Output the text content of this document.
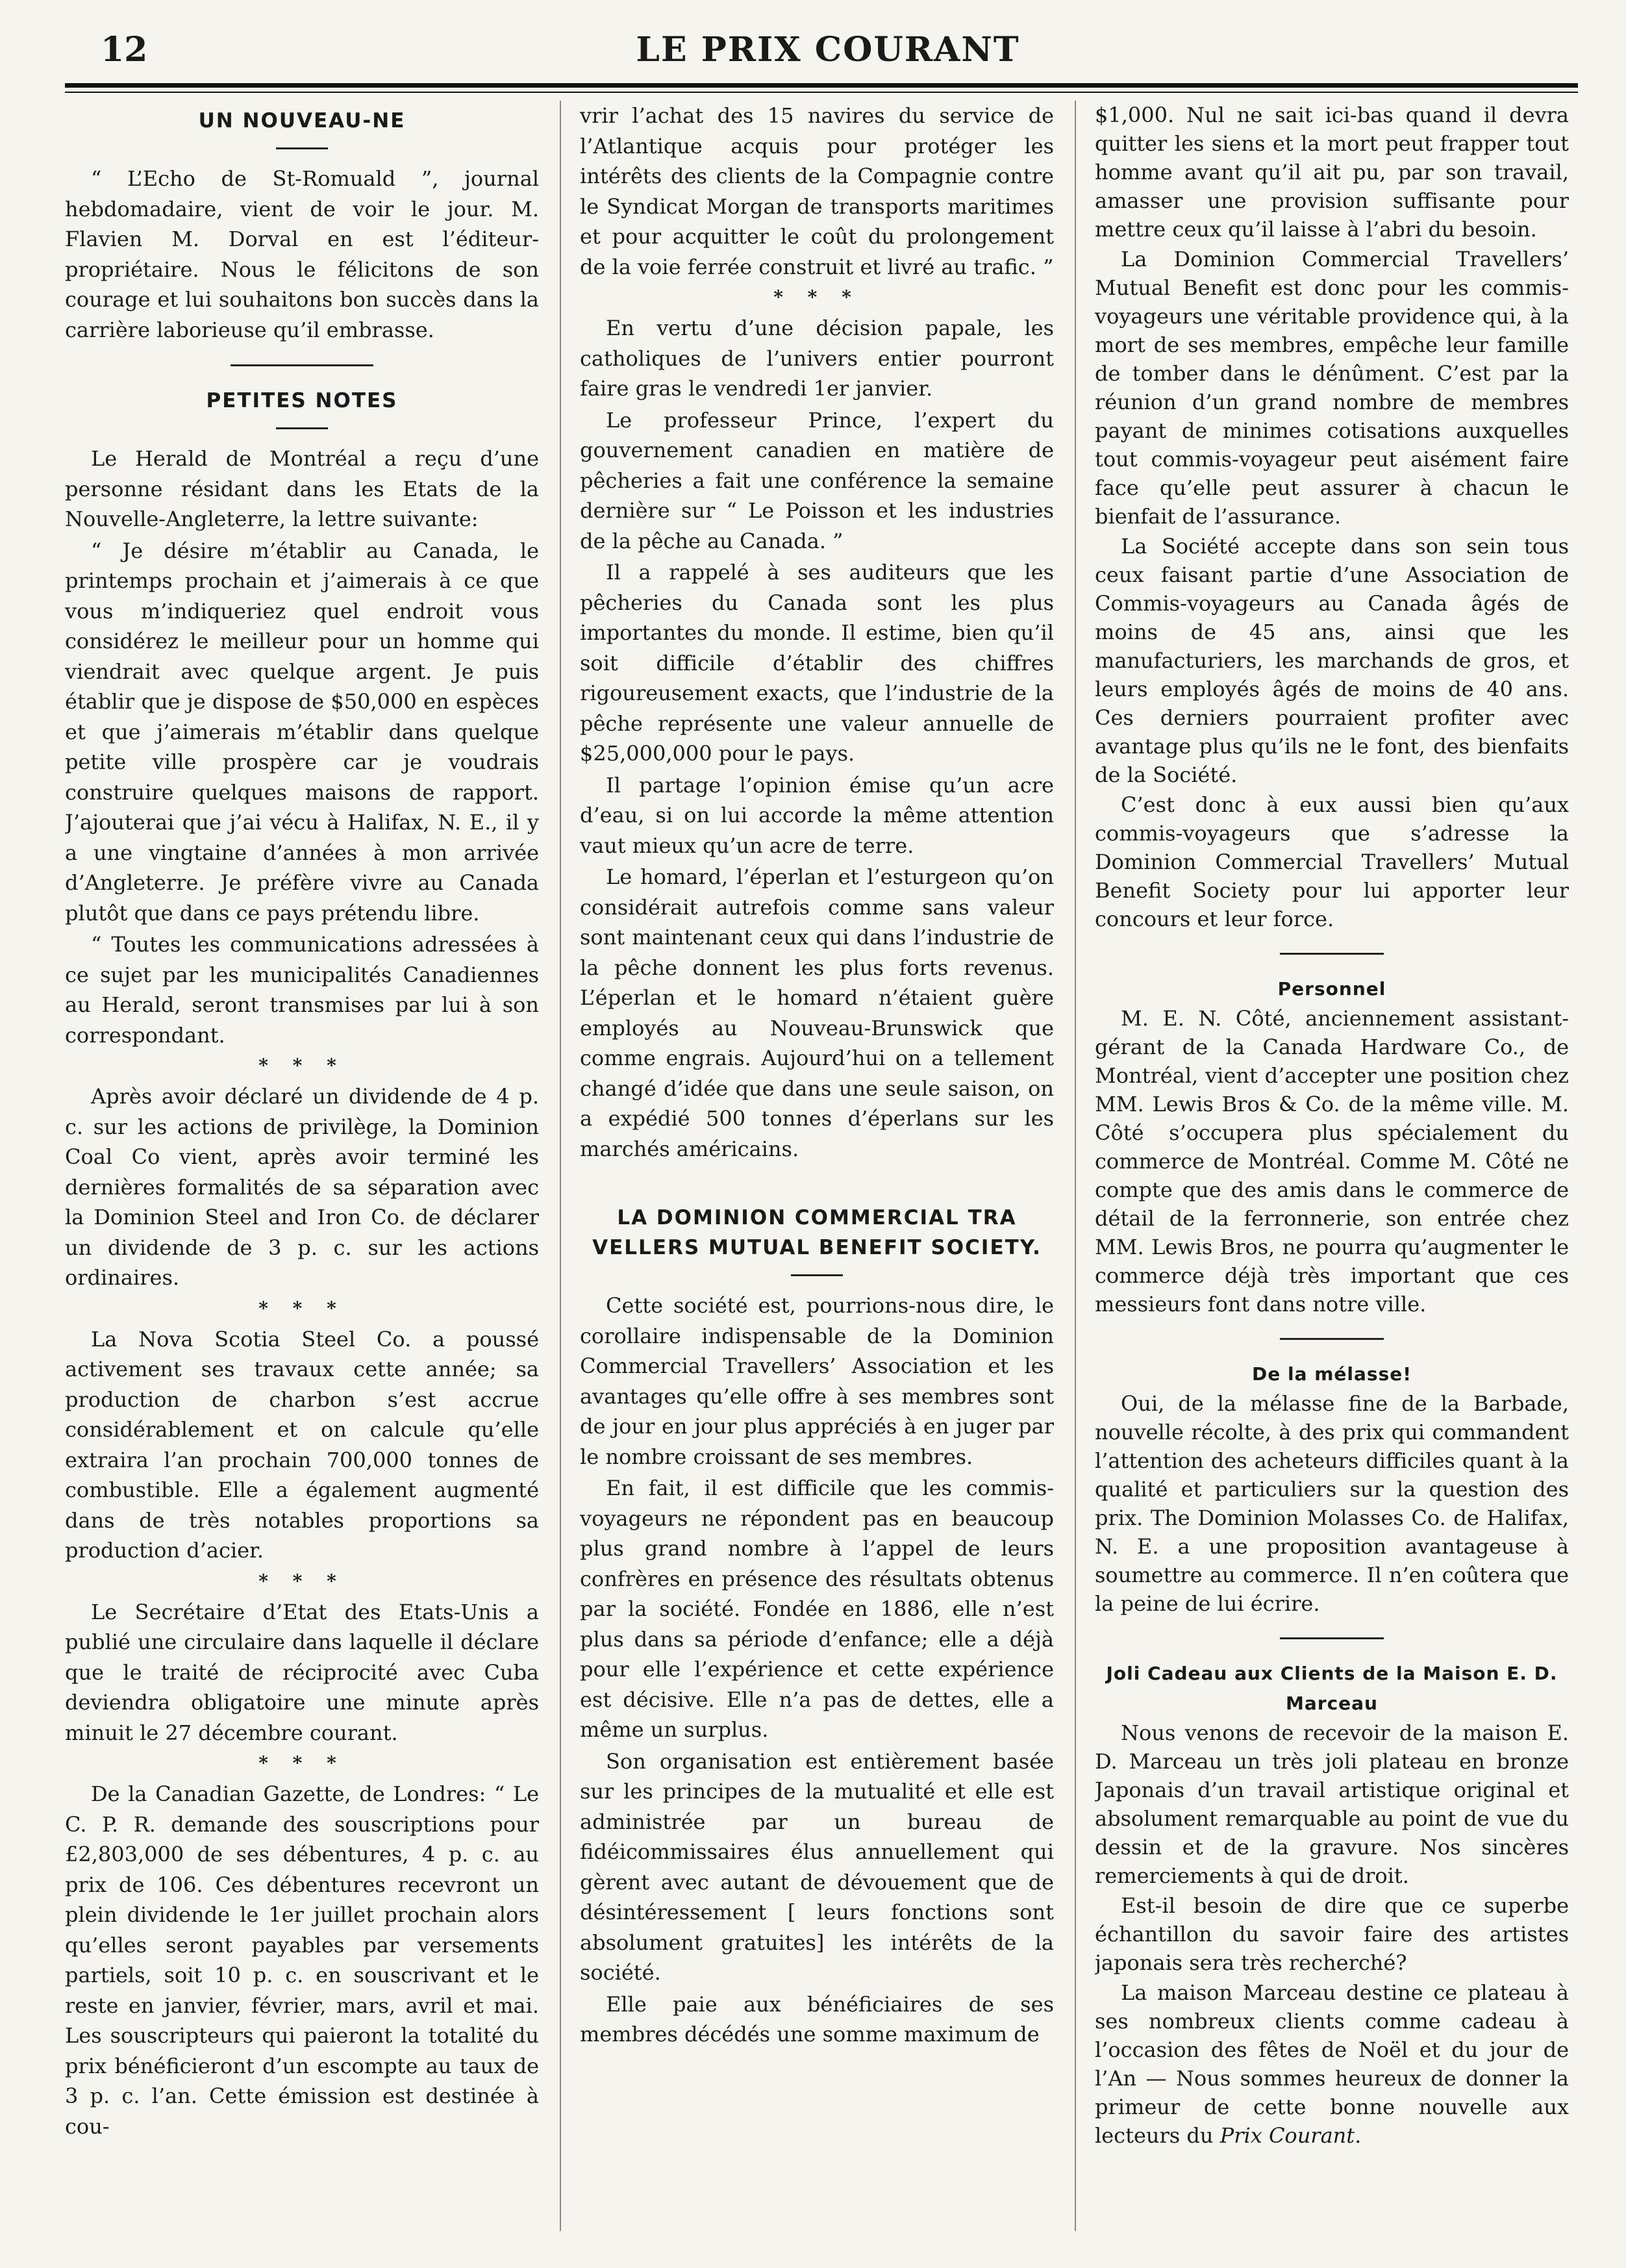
12	LE PRIX COURANT
UN NOUVEAU-NE

“ L’Echo de St-Romuald ”, journal hebdomadaire, vient de voir le jour. M. Flavien M. Dorval en est l’éditeur-propriétaire. Nous le félicitons de son courage et lui souhaitons bon succès dans la carrière laborieuse qu’il embrasse.

PETITES NOTES

Le Herald de Montréal a reçu d’une personne résidant dans les Etats de la Nouvelle-Angleterre, la lettre suivante:

“ Je désire m’établir au Canada, le printemps prochain et j’aimerais à ce que vous m’indiqueriez quel endroit vous considérez le meilleur pour un homme qui viendrait avec quelque argent. Je puis établir que je dispose de $50,000 en espèces et que j’aimerais m’établir dans quelque petite ville prospère car je voudrais construire quelques maisons de rapport. J’ajouterai que j’ai vécu à Halifax, N. E., il y a une vingtaine d’années à mon arrivée d’Angleterre. Je préfère vivre au Canada plutôt que dans ce pays prétendu libre.

“ Toutes les communications adressées à ce sujet par les municipalités Canadiennes au Herald, seront transmises par lui à son correspondant.

* * *

Après avoir déclaré un dividende de 4 p. c. sur les actions de privilège, la Dominion Coal Co vient, après avoir terminé les dernières formalités de sa séparation avec la Dominion Steel and Iron Co. de déclarer un dividende de 3 p. c. sur les actions ordinaires.

* * *

La Nova Scotia Steel Co. a poussé activement ses travaux cette année; sa production de charbon s’est accrue considérablement et on calcule qu’elle extraira l’an prochain 700,000 tonnes de combustible. Elle a également augmenté dans de très notables proportions sa production d’acier.

* * *

Le Secrétaire d’Etat des Etats-Unis a publié une circulaire dans laquelle il déclare que le traité de réciprocité avec Cuba deviendra obligatoire une minute après minuit le 27 décembre courant.

* * *

De la Canadian Gazette, de Londres: “ Le C. P. R. demande des souscriptions pour £2,803,000 de ses débentures, 4 p. c. au prix de 106. Ces débentures recevront un plein dividende le 1er juillet prochain alors qu’elles seront payables par versements partiels, soit 10 p. c. en souscrivant et le reste en janvier, février, mars, avril et mai. Les souscripteurs qui paieront la totalité du prix bénéficieront d’un escompte au taux de 3 p. c. l’an. Cette émission est destinée à cou-

vrir l’achat des 15 navires du service de l’Atlantique acquis pour protéger les intérêts des clients de la Compagnie contre le Syndicat Morgan de transports maritimes et pour acquitter le coût du prolongement de la voie ferrée construit et livré au trafic. ”

* * *

En vertu d’une décision papale, les catholiques de l’univers entier pourront faire gras le vendredi 1er janvier.

Le professeur Prince, l’expert du gouvernement canadien en matière de pêcheries a fait une conférence la semaine dernière sur “ Le Poisson et les industries de la pêche au Canada. ”

Il a rappelé à ses auditeurs que les pêcheries du Canada sont les plus importantes du monde. Il estime, bien qu’il soit difficile d’établir des chiffres rigoureusement exacts, que l’industrie de la pêche représente une valeur annuelle de $25,000,000 pour le pays.

Il partage l’opinion émise qu’un acre d’eau, si on lui accorde la même attention vaut mieux qu’un acre de terre.

Le homard, l’éperlan et l’esturgeon qu’on considérait autrefois comme sans valeur sont maintenant ceux qui dans l’industrie de la pêche donnent les plus forts revenus. L’éperlan et le homard n’étaient guère employés au Nouveau-Brunswick que comme engrais. Aujourd’hui on a tellement changé d’idée que dans une seule saison, on a expédié 500 tonnes d’éperlans sur les marchés américains.

LA DOMINION COMMERCIAL TRA VELLERS MUTUAL BENEFIT SOCIETY.

Cette société est, pourrions-nous dire, le corollaire indispensable de la Dominion Commercial Travellers’ Association et les avantages qu’elle offre à ses membres sont de jour en jour plus appréciés à en juger par le nombre croissant de ses membres.

En fait, il est difficile que les commis-voyageurs ne répondent pas en beaucoup plus grand nombre à l’appel de leurs confrères en présence des résultats obtenus par la société. Fondée en 1886, elle n’est plus dans sa période d’enfance; elle a déjà pour elle l’expérience et cette expérience est décisive. Elle n’a pas de dettes, elle a même un surplus.

Son organisation est entièrement basée sur les principes de la mutualité et elle est administrée par un bureau de fidéicommissaires élus annuellement qui gèrent avec autant de dévouement que de désintéressement [ leurs fonctions sont absolument gratuites] les intérêts de la société.

Elle paie aux bénéficiaires de ses membres décédés une somme maximum de

$1,000. Nul ne sait ici-bas quand il devra quitter les siens et la mort peut frapper tout homme avant qu’il ait pu, par son travail, amasser une provision suffisante pour mettre ceux qu’il laisse à l’abri du besoin.

La Dominion Commercial Travellers’ Mutual Benefit est donc pour les commis-voyageurs une véritable providence qui, à la mort de ses membres, empêche leur famille de tomber dans le dénûment. C’est par la réunion d’un grand nombre de membres payant de minimes cotisations auxquelles tout commis-voyageur peut aisément faire face qu’elle peut assurer à chacun le bienfait de l’assurance.

La Société accepte dans son sein tous ceux faisant partie d’une Association de Commis-voyageurs au Canada âgés de moins de 45 ans, ainsi que les manufacturiers, les marchands de gros, et leurs employés âgés de moins de 40 ans. Ces derniers pourraient profiter avec avantage plus qu’ils ne le font, des bienfaits de la Société.

C’est donc à eux aussi bien qu’aux commis-voyageurs que s’adresse la Dominion Commercial Travellers’ Mutual Benefit Society pour lui apporter leur concours et leur force.

Personnel

M. E. N. Côté, anciennement assistant-gérant de la Canada Hardware Co., de Montréal, vient d’accepter une position chez MM. Lewis Bros & Co. de la même ville. M. Côté s’occupera plus spécialement du commerce de Montréal. Comme M. Côté ne compte que des amis dans le commerce de détail de la ferronnerie, son entrée chez MM. Lewis Bros, ne pourra qu’augmenter le commerce déjà très important que ces messieurs font dans notre ville.

De la mélasse!

Oui, de la mélasse fine de la Barbade, nouvelle récolte, à des prix qui commandent l’attention des acheteurs difficiles quant à la qualité et particuliers sur la question des prix. The Dominion Molasses Co. de Halifax, N. E. a une proposition avantageuse à soumettre au commerce. Il n’en coûtera que la peine de lui écrire.

Joli Cadeau aux Clients de la Maison E. D. Marceau

Nous venons de recevoir de la maison E. D. Marceau un très joli plateau en bronze Japonais d’un travail artistique original et absolument remarquable au point de vue du dessin et de la gravure. Nos sincères remerciements à qui de droit.

Est-il besoin de dire que ce superbe échantillon du savoir faire des artistes japonais sera très recherché?

La maison Marceau destine ce plateau à ses nombreux clients comme cadeau à l’occasion des fêtes de Noël et du jour de l’An — Nous sommes heureux de donner la primeur de cette bonne nouvelle aux lecteurs du Prix Courant.
